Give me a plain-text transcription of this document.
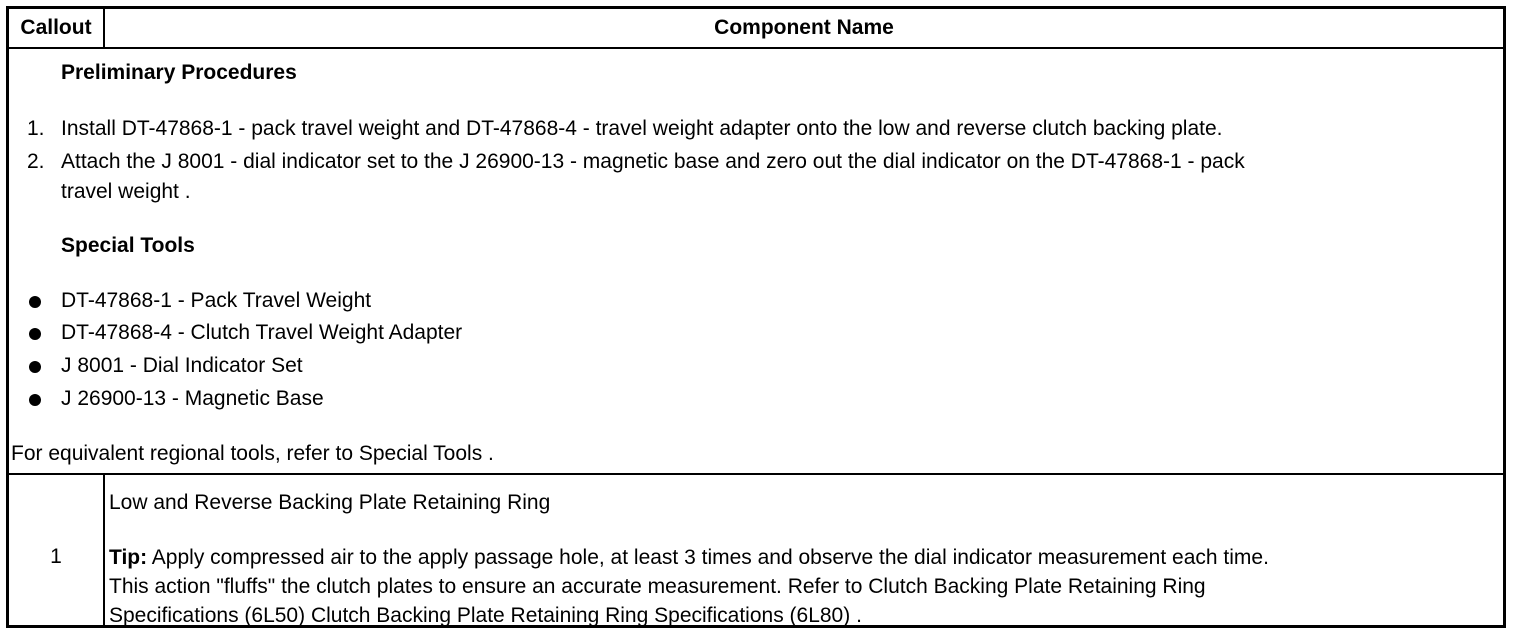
Callout	Component Name
Preliminary Procedures
1. Install DT-47868-1 - pack travel weight and DT-47868-4 - travel weight adapter onto the low and reverse clutch backing plate.
2. Attach the J 8001 - dial indicator set to the J 26900-13 - magnetic base and zero out the dial indicator on the DT-47868-1 - pack
travel weight .
Special Tools
DT-47868-1 - Pack Travel Weight
DT-47868-4 - Clutch Travel Weight Adapter
J 8001 - Dial Indicator Set
J 26900-13 - Magnetic Base
For equivalent regional tools, refer to Special Tools .
1
Low and Reverse Backing Plate Retaining Ring
Tip: Apply compressed air to the apply passage hole, at least 3 times and observe the dial indicator measurement each time.
This action "fluffs" the clutch plates to ensure an accurate measurement. Refer to Clutch Backing Plate Retaining Ring
Specifications (6L50) Clutch Backing Plate Retaining Ring Specifications (6L80) .
